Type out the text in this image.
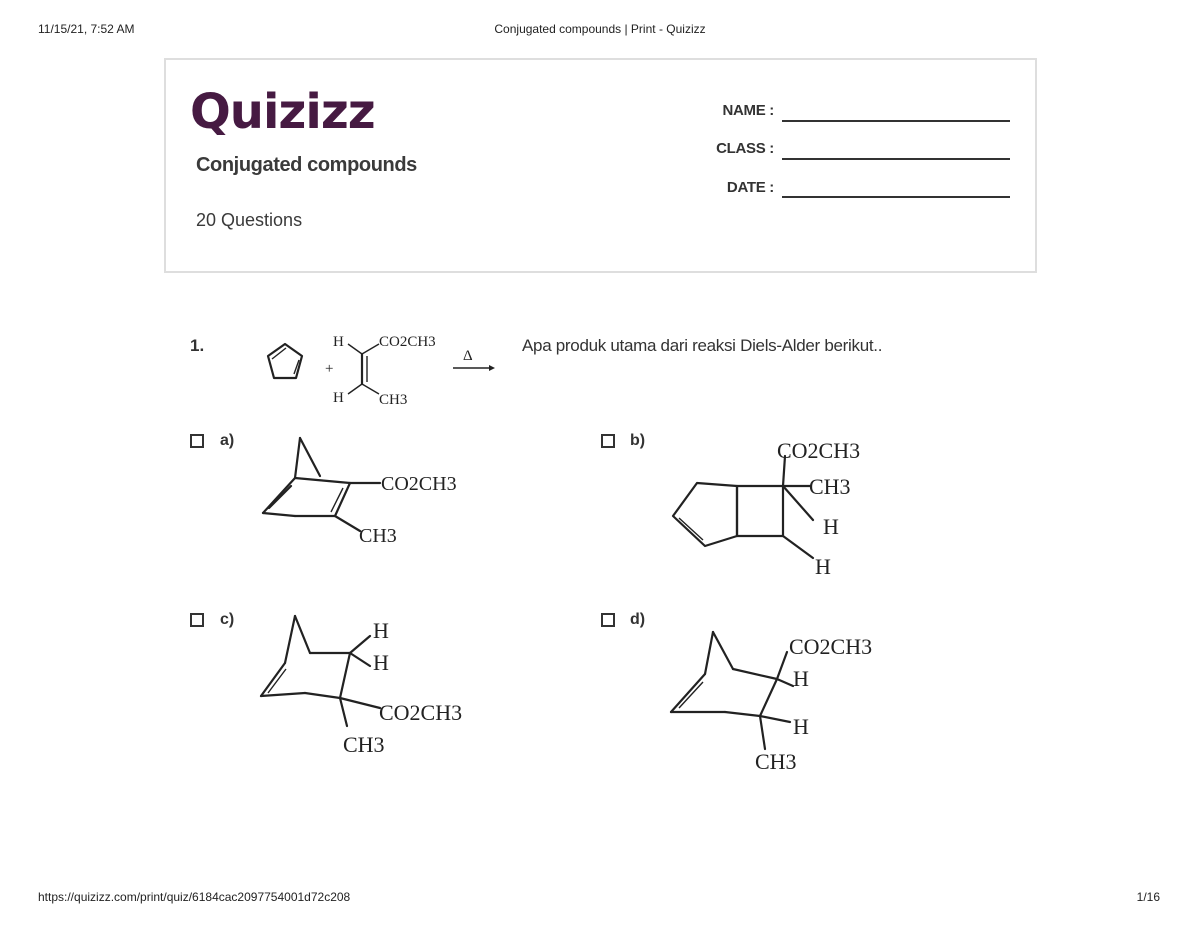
11/15/21, 7:52 AM	Conjugated compounds | Print - Quizizz
Quizizz
Conjugated compounds
20 Questions
NAME :
CLASS :
DATE :
1.	Apa produk utama dari reaksi Diels-Alder berikut..
+
H
H
CO2CH3
CH3
Δ
a)
CO2CH3
CH3
b)	CO2CH3
CH3
H
H
c)	H
H
CO2CH3
CH3
d)
CO2CH3
H
H
CH3
https://quizizz.com/print/quiz/6184cac2097754001d72c208	1/16
